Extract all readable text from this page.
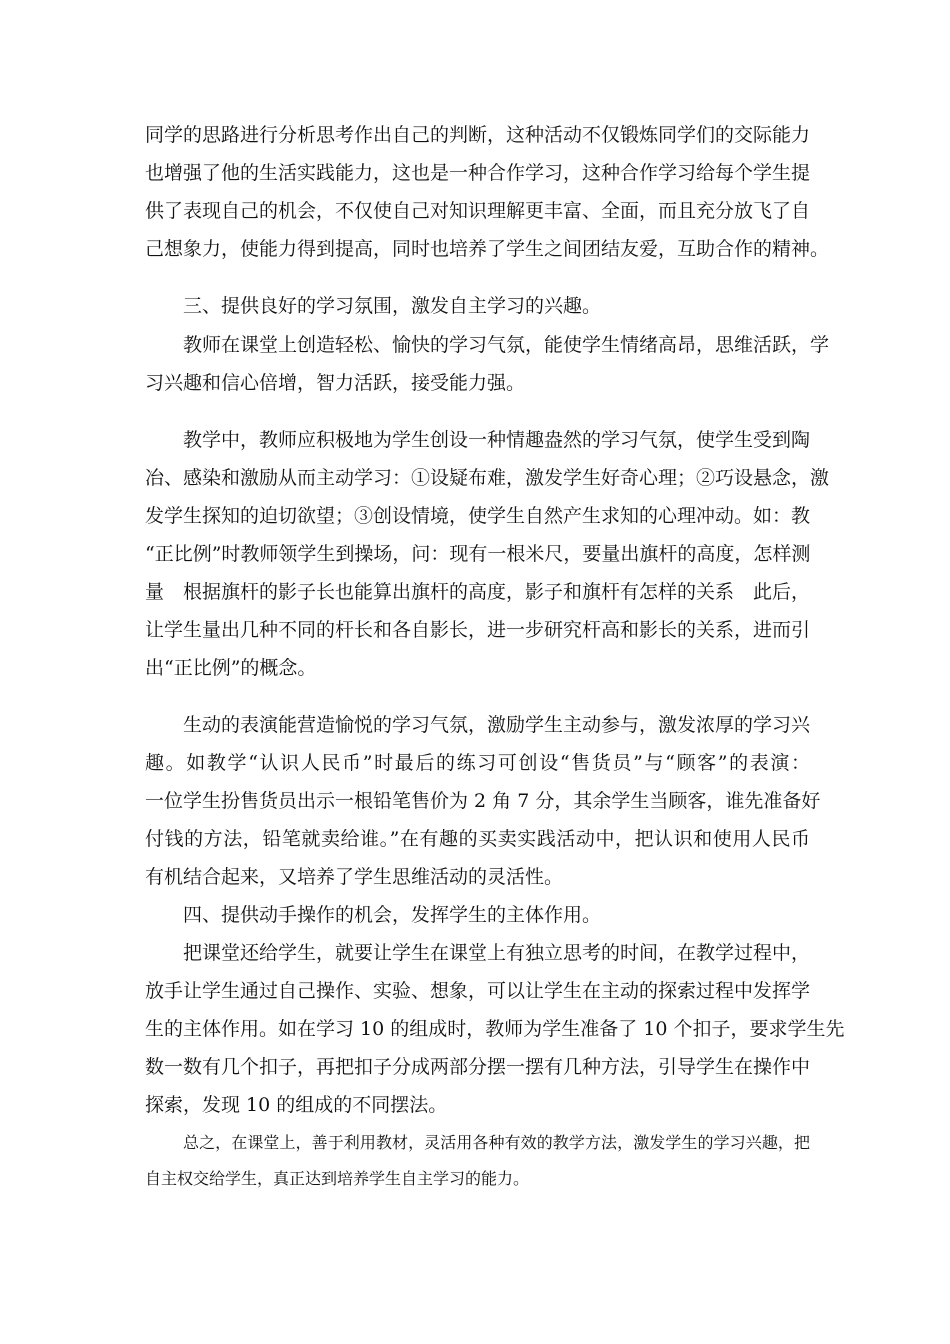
同学的思路进行分析思考作出自己的判断，这种活动不仅锻炼同学们的交际能力
也增强了他的生活实践能力，这也是一种合作学习，这种合作学习给每个学生提
供了表现自己的机会，不仅使自己对知识理解更丰富、全面，而且充分放飞了自
己想象力，使能力得到提高，同时也培养了学生之间团结友爱，互助合作的精神。
三、提供良好的学习氛围，激发自主学习的兴趣。
教师在课堂上创造轻松、愉快的学习气氛，能使学生情绪高昂，思维活跃，学
习兴趣和信心倍增，智力活跃，接受能力强。
教学中，教师应积极地为学生创设一种情趣盎然的学习气氛，使学生受到陶
冶、感染和激励从而主动学习：①设疑布难，激发学生好奇心理；②巧设悬念，激
发学生探知的迫切欲望；③创设情境，使学生自然产生求知的心理冲动。如：教
“正比例”时教师领学生到操场，问：现有一根米尺，要量出旗杆的高度，怎样测
量　根据旗杆的影子长也能算出旗杆的高度，影子和旗杆有怎样的关系　此后，
让学生量出几种不同的杆长和各自影长，进一步研究杆高和影长的关系，进而引
出“正比例”的概念。
生动的表演能营造愉悦的学习气氛，激励学生主动参与，激发浓厚的学习兴
趣。如教学“认识人民币”时最后的练习可创设“售货员”与“顾客”的表演：
一位学生扮售货员出示一根铅笔售价为 2 角 7 分，其余学生当顾客，谁先准备好
付钱的方法，铅笔就卖给谁。”在有趣的买卖实践活动中，把认识和使用人民币
有机结合起来，又培养了学生思维活动的灵活性。
四、提供动手操作的机会，发挥学生的主体作用。
把课堂还给学生，就要让学生在课堂上有独立思考的时间，在教学过程中，
放手让学生通过自己操作、实验、想象，可以让学生在主动的探索过程中发挥学
生的主体作用。如在学习 10 的组成时，教师为学生准备了 10 个扣子，要求学生先
数一数有几个扣子，再把扣子分成两部分摆一摆有几种方法，引导学生在操作中
探索，发现 10 的组成的不同摆法。
总之，在课堂上，善于利用教材，灵活用各种有效的教学方法，激发学生的学习兴趣，把
自主权交给学生，真正达到培养学生自主学习的能力。
